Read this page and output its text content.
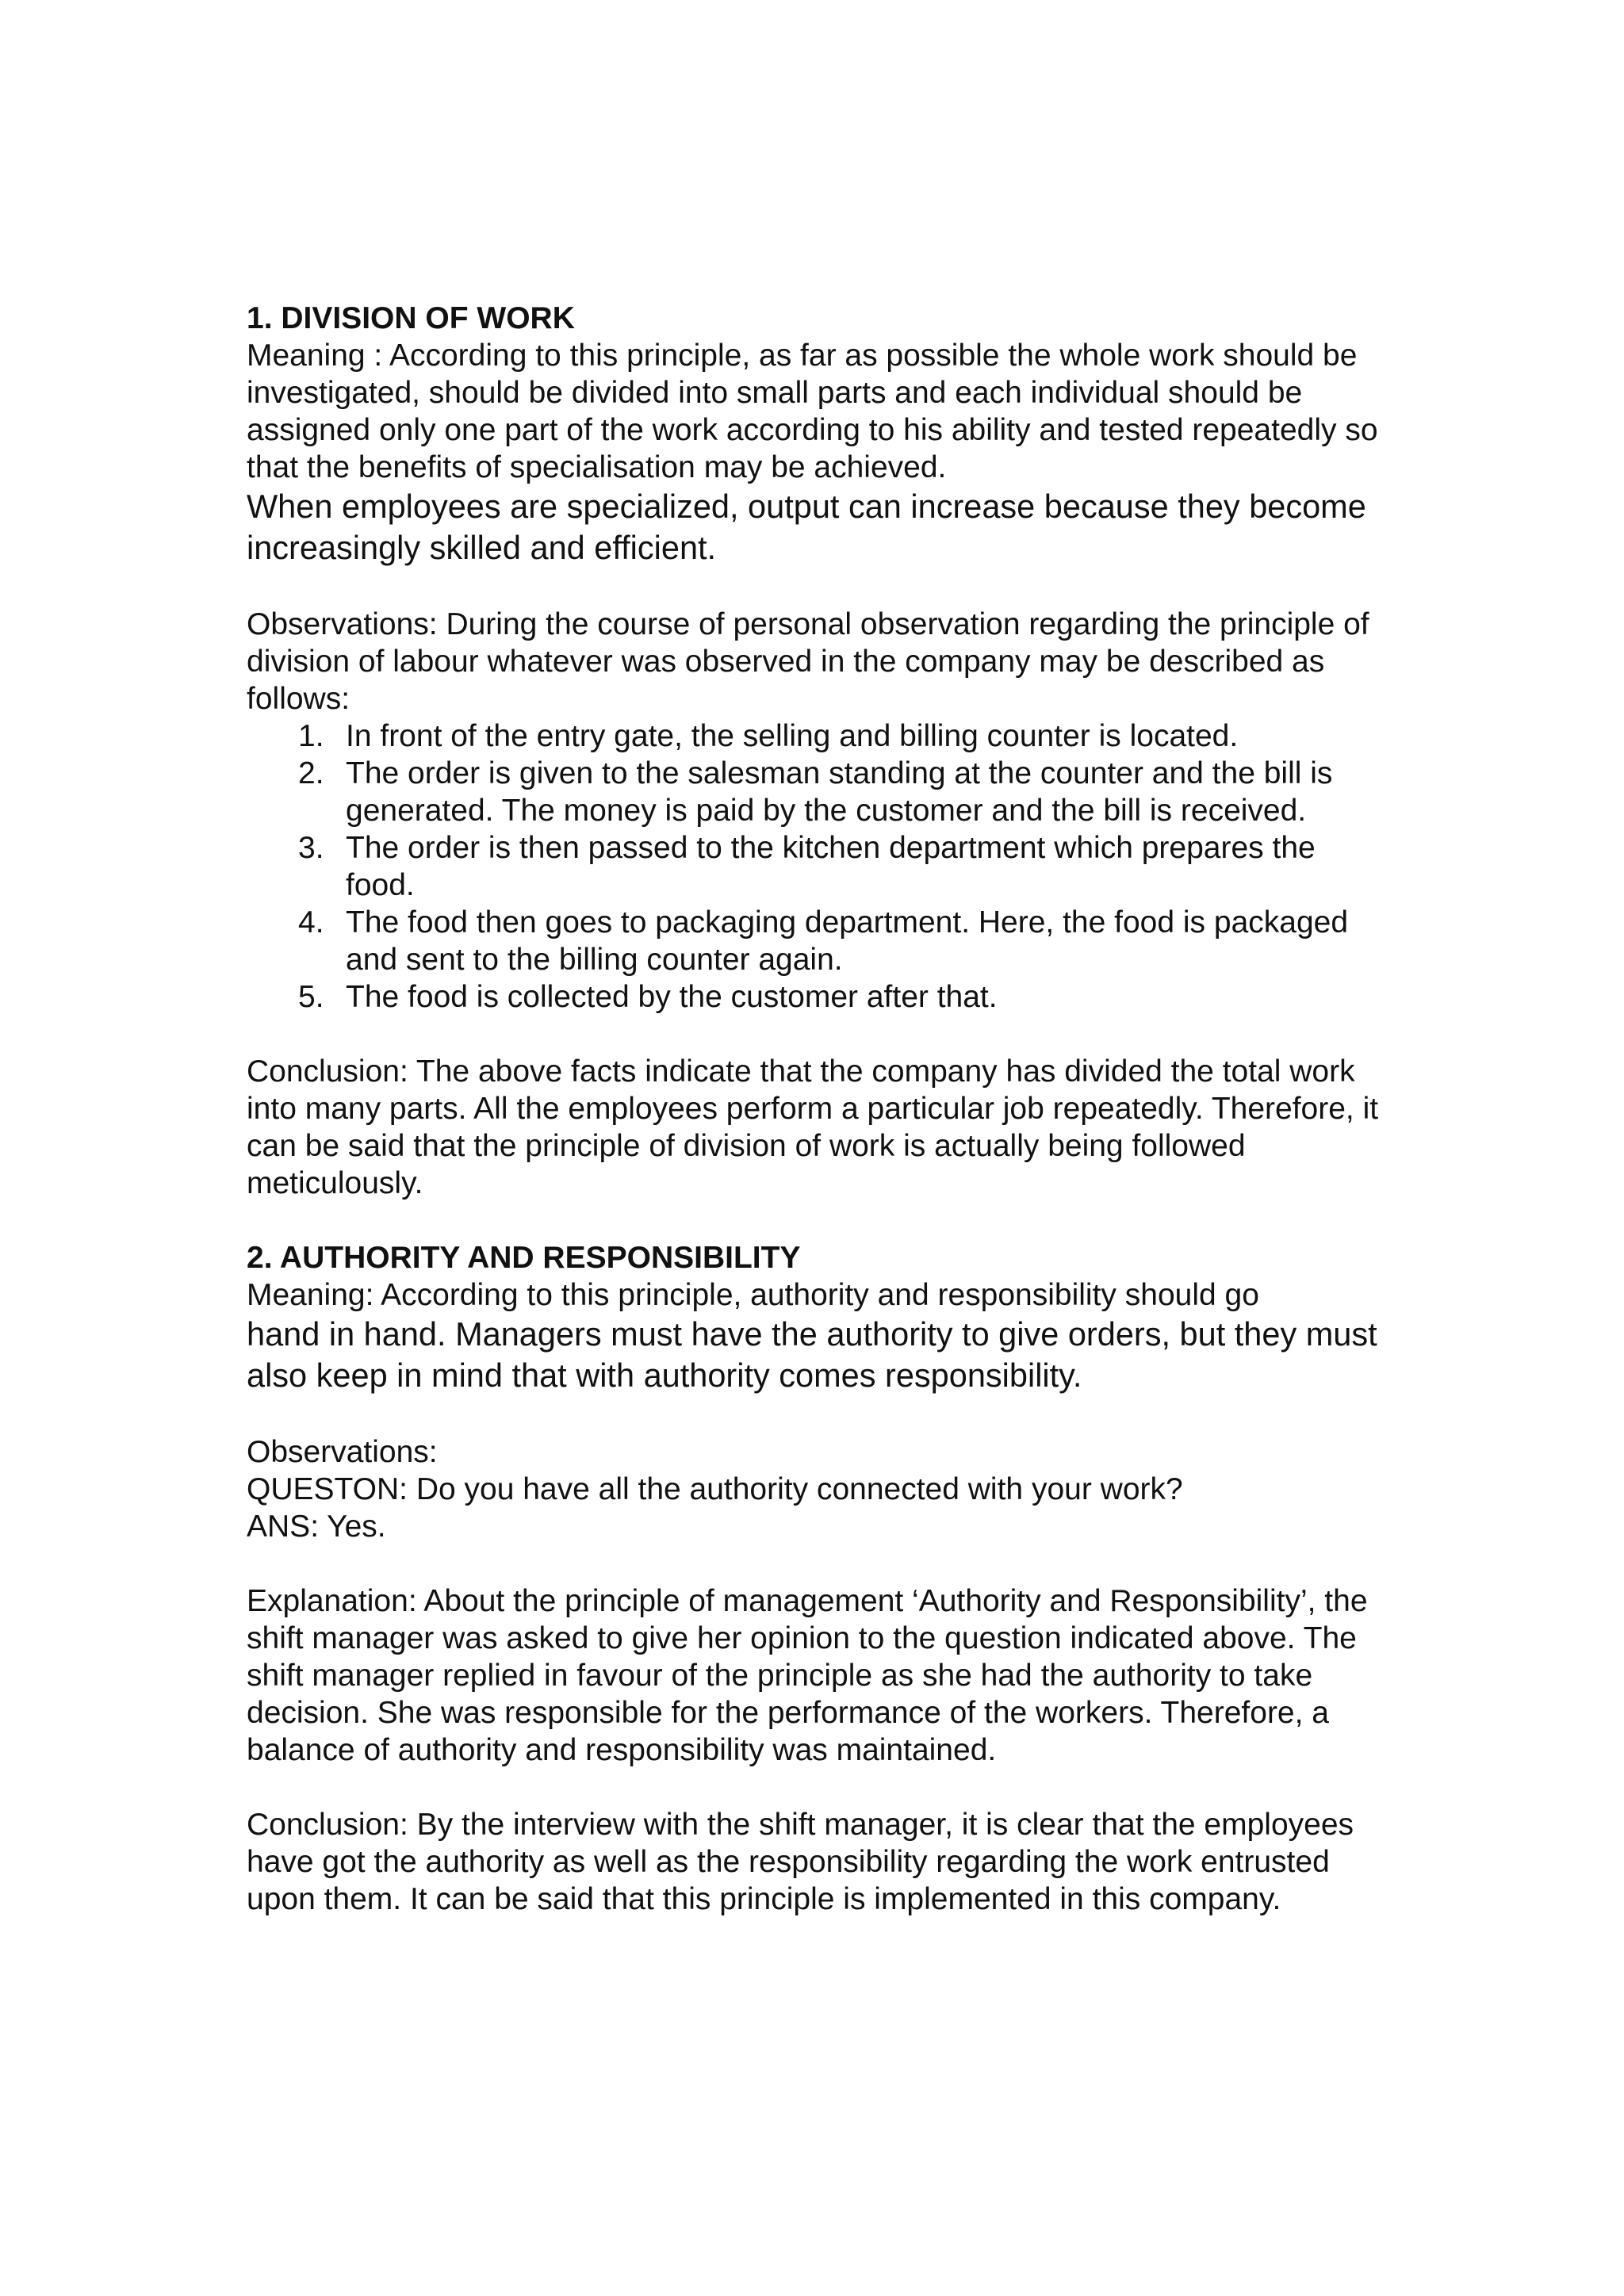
1. DIVISION OF WORK

Meaning : According to this principle, as far as possible the whole work should be investigated, should be divided into small parts and each individual should be assigned only one part of the work according to his ability and tested repeatedly so that the benefits of specialisation may be achieved.

When employees are specialized, output can increase because they become increasingly skilled and efficient.

Observations: During the course of personal observation regarding the principle of division of labour whatever was observed in the company may be described as follows:

1. In front of the entry gate, the selling and billing counter is located.
2. The order is given to the salesman standing at the counter and the bill is generated. The money is paid by the customer and the bill is received.
3. The order is then passed to the kitchen department which prepares the food.
4. The food then goes to packaging department. Here, the food is packaged and sent to the billing counter again.
5. The food is collected by the customer after that.

Conclusion: The above facts indicate that the company has divided the total work into many parts. All the employees perform a particular job repeatedly. Therefore, it can be said that the principle of division of work is actually being followed meticulously.

2. AUTHORITY AND RESPONSIBILITY

Meaning: According to this principle, authority and responsibility should go

hand in hand. Managers must have the authority to give orders, but they must also keep in mind that with authority comes responsibility.

Observations:

QUESTON: Do you have all the authority connected with your work?

ANS: Yes.

Explanation: About the principle of management ‘Authority and Responsibility’, the shift manager was asked to give her opinion to the question indicated above. The shift manager replied in favour of the principle as she had the authority to take decision. She was responsible for the performance of the workers. Therefore, a balance of authority and responsibility was maintained.

Conclusion: By the interview with the shift manager, it is clear that the employees have got the authority as well as the responsibility regarding the work entrusted upon them. It can be said that this principle is implemented in this company.
